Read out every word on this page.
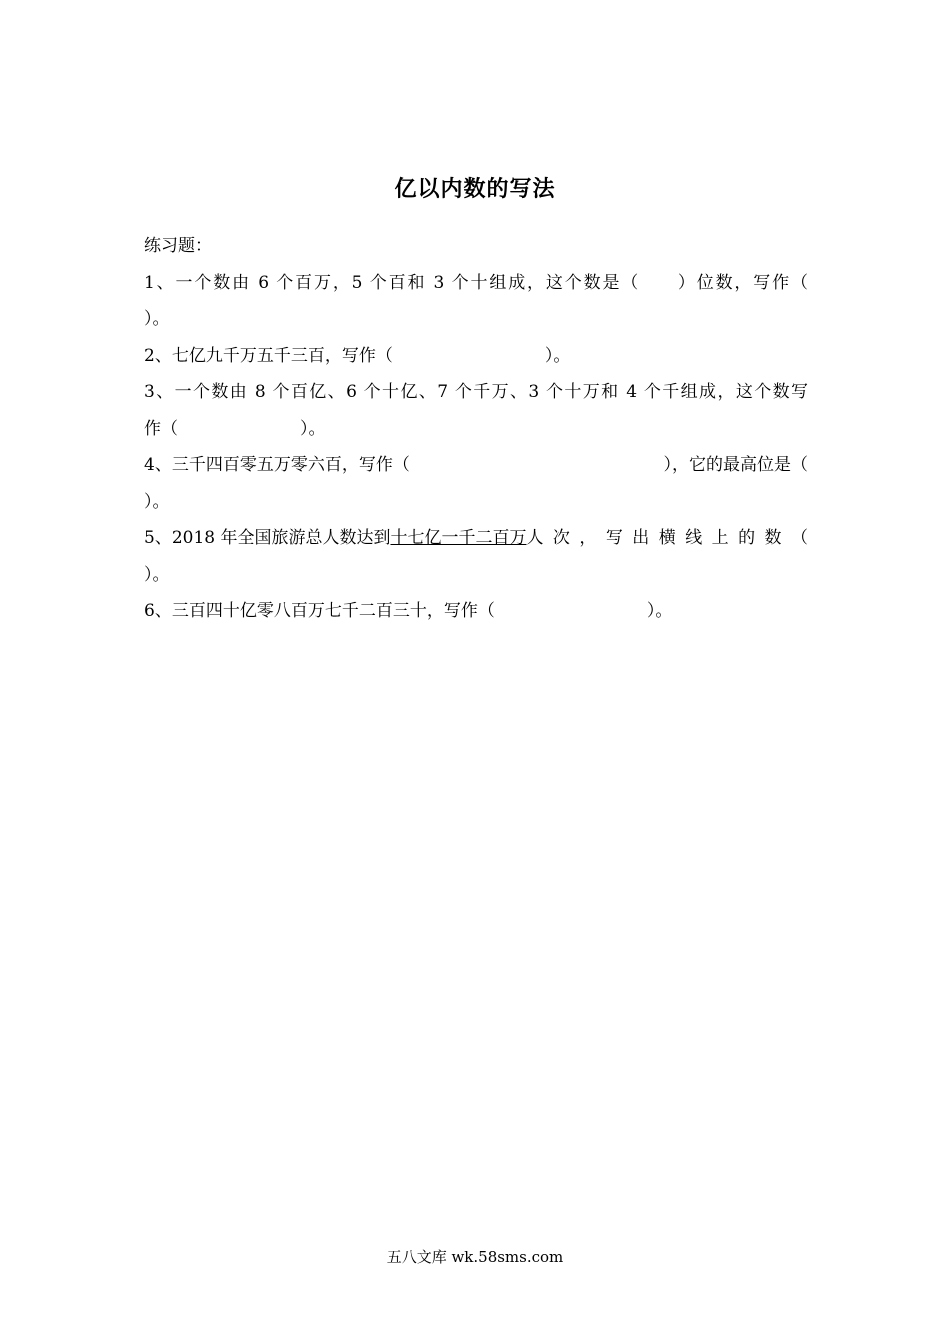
亿以内数的写法
练习题：
1、一个数由 6 个百万，5 个百和 3 个十组成，这个数是（　　）位数，写作（
）。
2、七亿九千万五千三百，写作（	）。
3、一个数由 8 个百亿、6 个十亿、7 个千万、3 个十万和 4 个千组成，这个数写
作（	）。
4、三千四百零五万零六百，写作（	），它的最高位是（
）。
5、2018 年全国旅游总人数达到 十七亿一千二百万 人次，写出横线上的数（
）。
6、三百四十亿零八百万七千二百三十，写作（	）。
五八文库 wk.58sms.com
